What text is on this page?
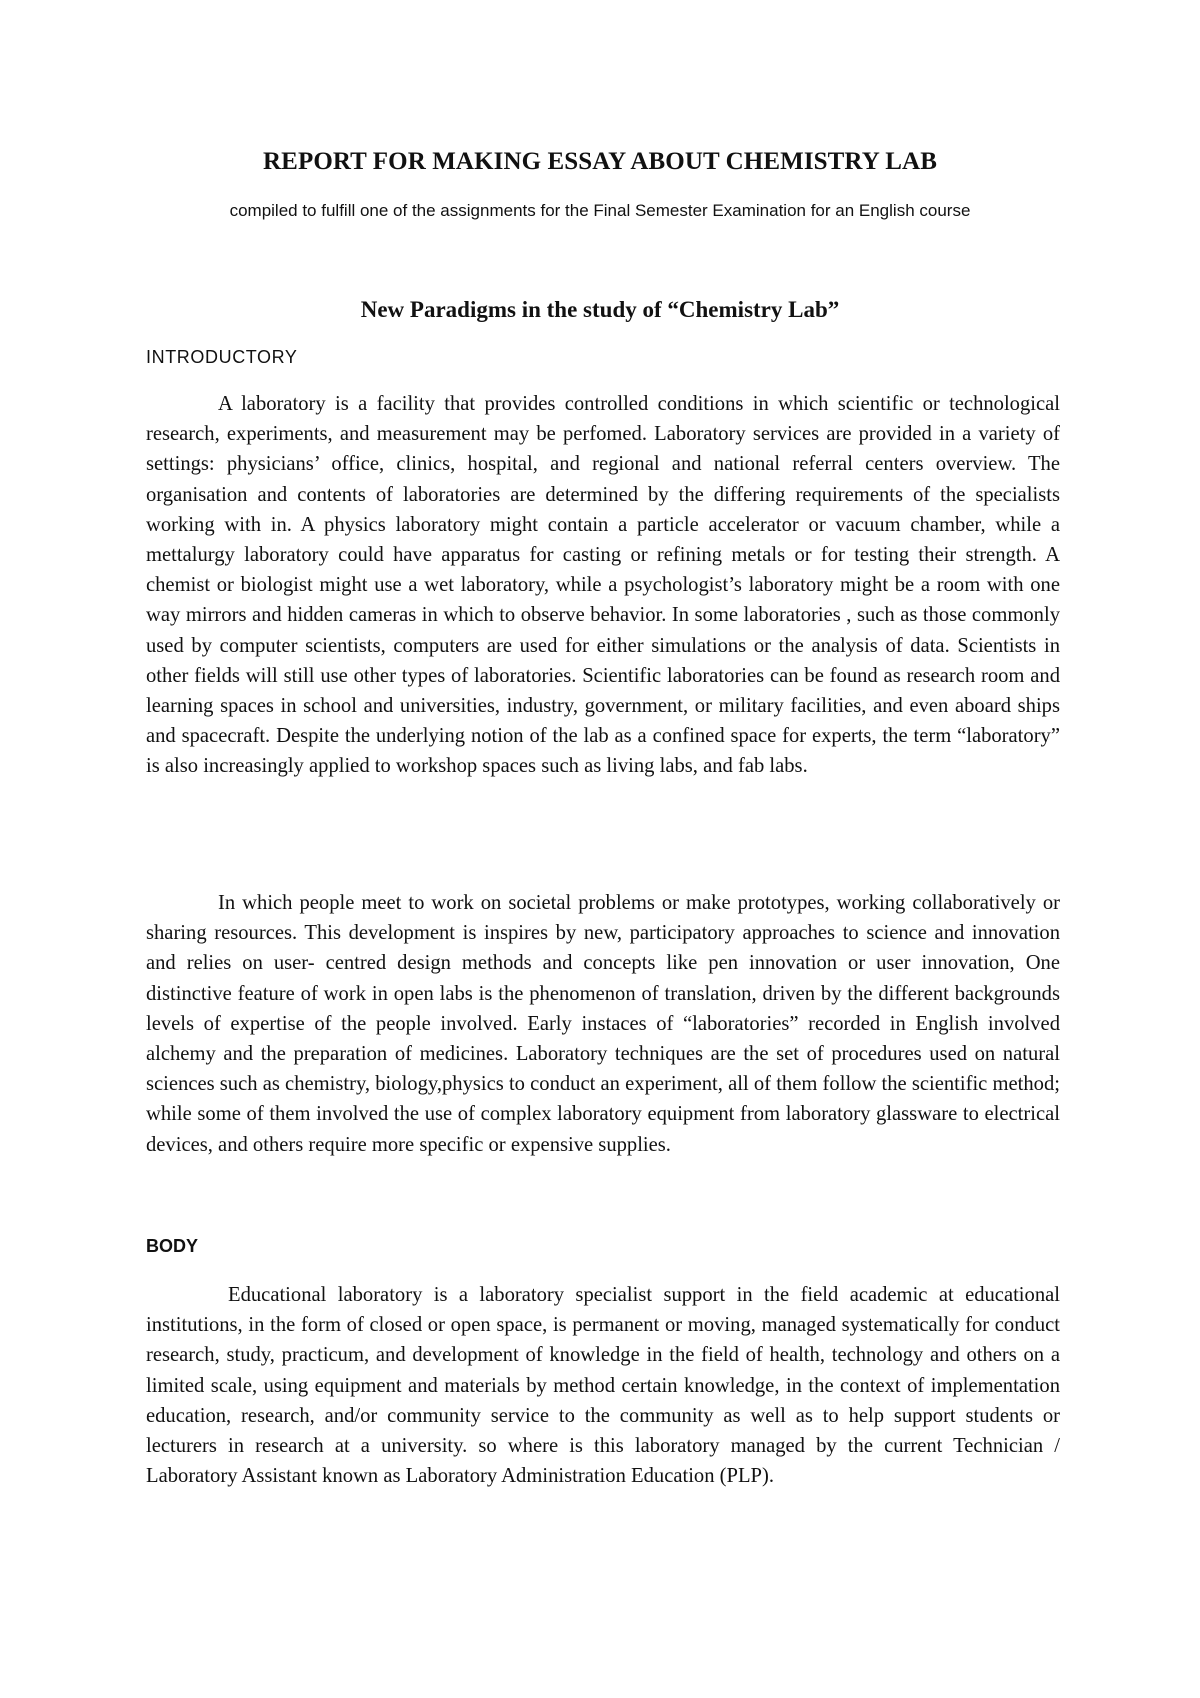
REPORT FOR MAKING ESSAY ABOUT CHEMISTRY LAB
compiled to fulfill one of the assignments for the Final Semester Examination for an English course
New Paradigms in the study of “Chemistry Lab”
INTRODUCTORY

A laboratory is a facility that provides controlled conditions in which scientific or technological research, experiments, and measurement may be perfomed. Laboratory services are provided in a variety of settings: physicians’ office, clinics, hospital, and regional and national referral centers overview. The organisation and contents of laboratories are determined by the differing requirements of the specialists working with in. A physics laboratory might contain a particle accelerator or vacuum chamber, while a mettalurgy laboratory could have apparatus for casting or refining metals or for testing their strength. A chemist or biologist might use a wet laboratory, while a psychologist’s laboratory might be a room with one way mirrors and hidden cameras in which to observe behavior. In some laboratories , such as those commonly used by computer scientists, computers are used for either simulations or the analysis of data. Scientists in other fields will still use other types of laboratories. Scientific laboratories can be found as research room and learning spaces in school and universities, industry, government, or military facilities, and even aboard ships and spacecraft. Despite the underlying notion of the lab as a confined space for experts, the term “laboratory” is also increasingly applied to workshop spaces such as living labs, and fab labs.

In which people meet to work on societal problems or make prototypes, working collaboratively or sharing resources. This development is inspires by new, participatory approaches to science and innovation and relies on user- centred design methods and concepts like pen innovation or user innovation, One distinctive feature of work in open labs is the phenomenon of translation, driven by the different backgrounds levels of expertise of the people involved. Early instaces of “laboratories” recorded in English involved alchemy and the preparation of medicines. Laboratory techniques are the set of procedures used on natural sciences such as chemistry, biology,physics to conduct an experiment, all of them follow the scientific method; while some of them involved the use of complex laboratory equipment from laboratory glassware to electrical devices, and others require more specific or expensive supplies.

BODY

Educational laboratory is a laboratory specialist support in the field academic at educational institutions, in the form of closed or open space, is permanent or moving, managed systematically for conduct research, study, practicum, and development of knowledge in the field of health, technology and others on a limited scale, using equipment and materials by method certain knowledge, in the context of implementation education, research, and/or community service to the community as well as to help support students or lecturers in research at a university. so where is this laboratory managed by the current Technician / Laboratory Assistant known as Laboratory Administration Education (PLP).
